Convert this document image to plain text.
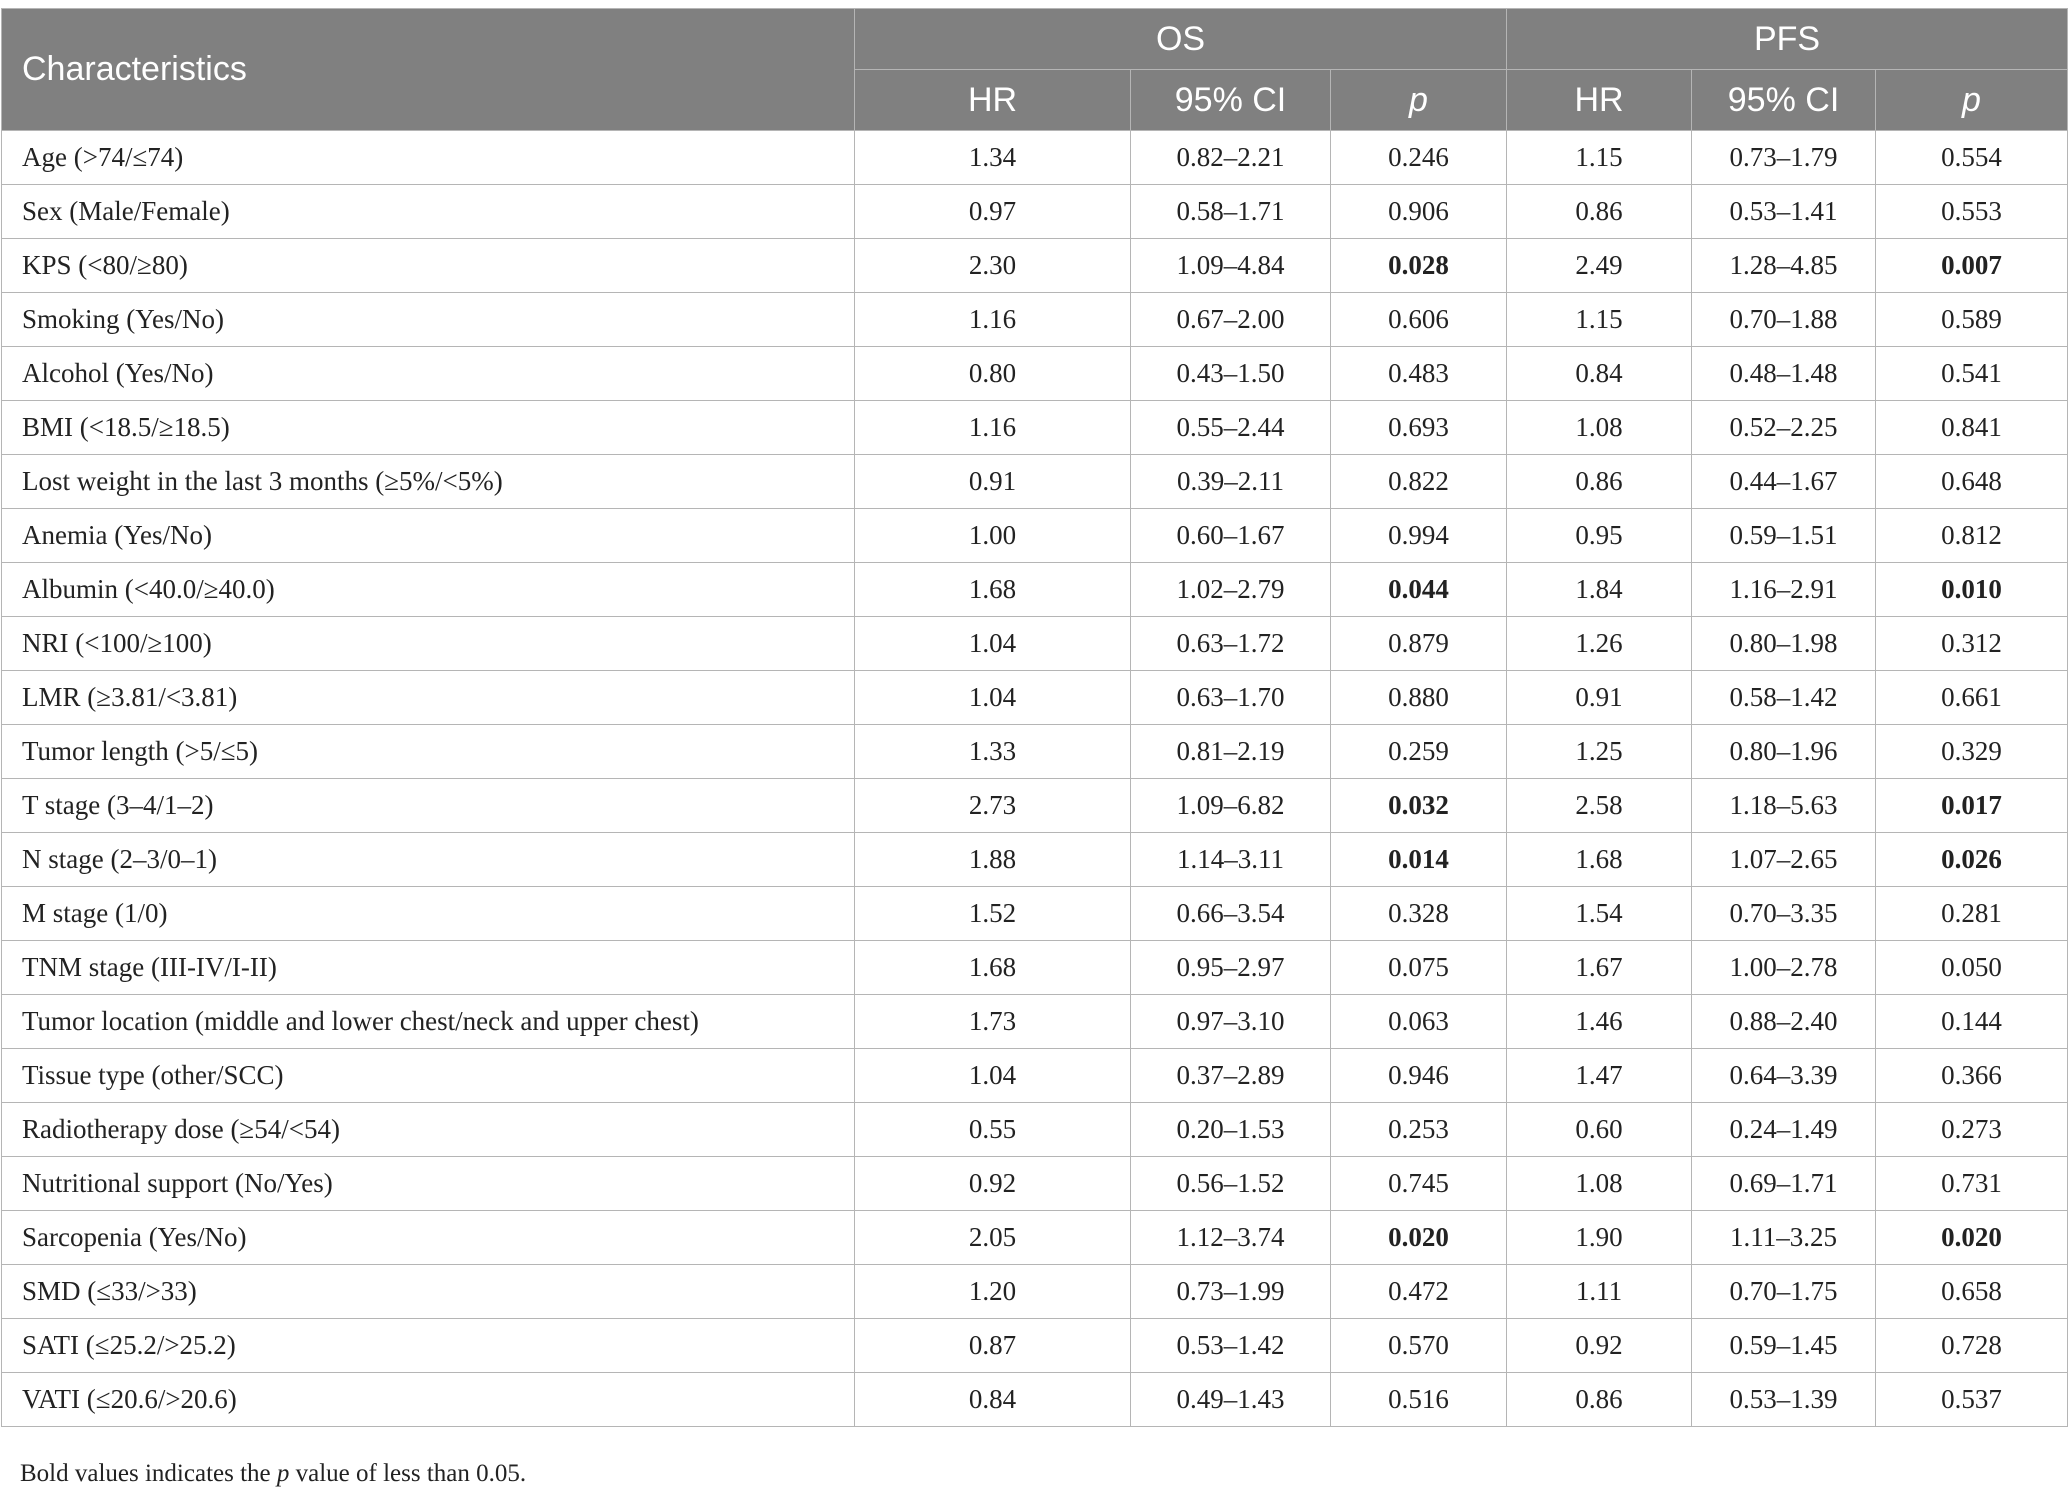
Characteristics	OS			PFS		
	HR	95% CI	p	HR	95% CI	p
Age (>74/≤74)	1.34	0.82–2.21	0.246	1.15	0.73–1.79	0.554
Sex (Male/Female)	0.97	0.58–1.71	0.906	0.86	0.53–1.41	0.553
KPS (<80/≥80)	2.30	1.09–4.84	0.028	2.49	1.28–4.85	0.007
Smoking (Yes/No)	1.16	0.67–2.00	0.606	1.15	0.70–1.88	0.589
Alcohol (Yes/No)	0.80	0.43–1.50	0.483	0.84	0.48–1.48	0.541
BMI (<18.5/≥18.5)	1.16	0.55–2.44	0.693	1.08	0.52–2.25	0.841
Lost weight in the last 3 months (≥5%/<5%)	0.91	0.39–2.11	0.822	0.86	0.44–1.67	0.648
Anemia (Yes/No)	1.00	0.60–1.67	0.994	0.95	0.59–1.51	0.812
Albumin (<40.0/≥40.0)	1.68	1.02–2.79	0.044	1.84	1.16–2.91	0.010
NRI (<100/≥100)	1.04	0.63–1.72	0.879	1.26	0.80–1.98	0.312
LMR (≥3.81/<3.81)	1.04	0.63–1.70	0.880	0.91	0.58–1.42	0.661
Tumor length (>5/≤5)	1.33	0.81–2.19	0.259	1.25	0.80–1.96	0.329
T stage (3–4/1–2)	2.73	1.09–6.82	0.032	2.58	1.18–5.63	0.017
N stage (2–3/0–1)	1.88	1.14–3.11	0.014	1.68	1.07–2.65	0.026
M stage (1/0)	1.52	0.66–3.54	0.328	1.54	0.70–3.35	0.281
TNM stage (III-IV/I-II)	1.68	0.95–2.97	0.075	1.67	1.00–2.78	0.050
Tumor location (middle and lower chest/neck and upper chest)	1.73	0.97–3.10	0.063	1.46	0.88–2.40	0.144
Tissue type (other/SCC)	1.04	0.37–2.89	0.946	1.47	0.64–3.39	0.366
Radiotherapy dose (≥54/<54)	0.55	0.20–1.53	0.253	0.60	0.24–1.49	0.273
Nutritional support (No/Yes)	0.92	0.56–1.52	0.745	1.08	0.69–1.71	0.731
Sarcopenia (Yes/No)	2.05	1.12–3.74	0.020	1.90	1.11–3.25	0.020
SMD (≤33/>33)	1.20	0.73–1.99	0.472	1.11	0.70–1.75	0.658
SATI (≤25.2/>25.2)	0.87	0.53–1.42	0.570	0.92	0.59–1.45	0.728
VATI (≤20.6/>20.6)	0.84	0.49–1.43	0.516	0.86	0.53–1.39	0.537
Bold values indicates the p value of less than 0.05.
